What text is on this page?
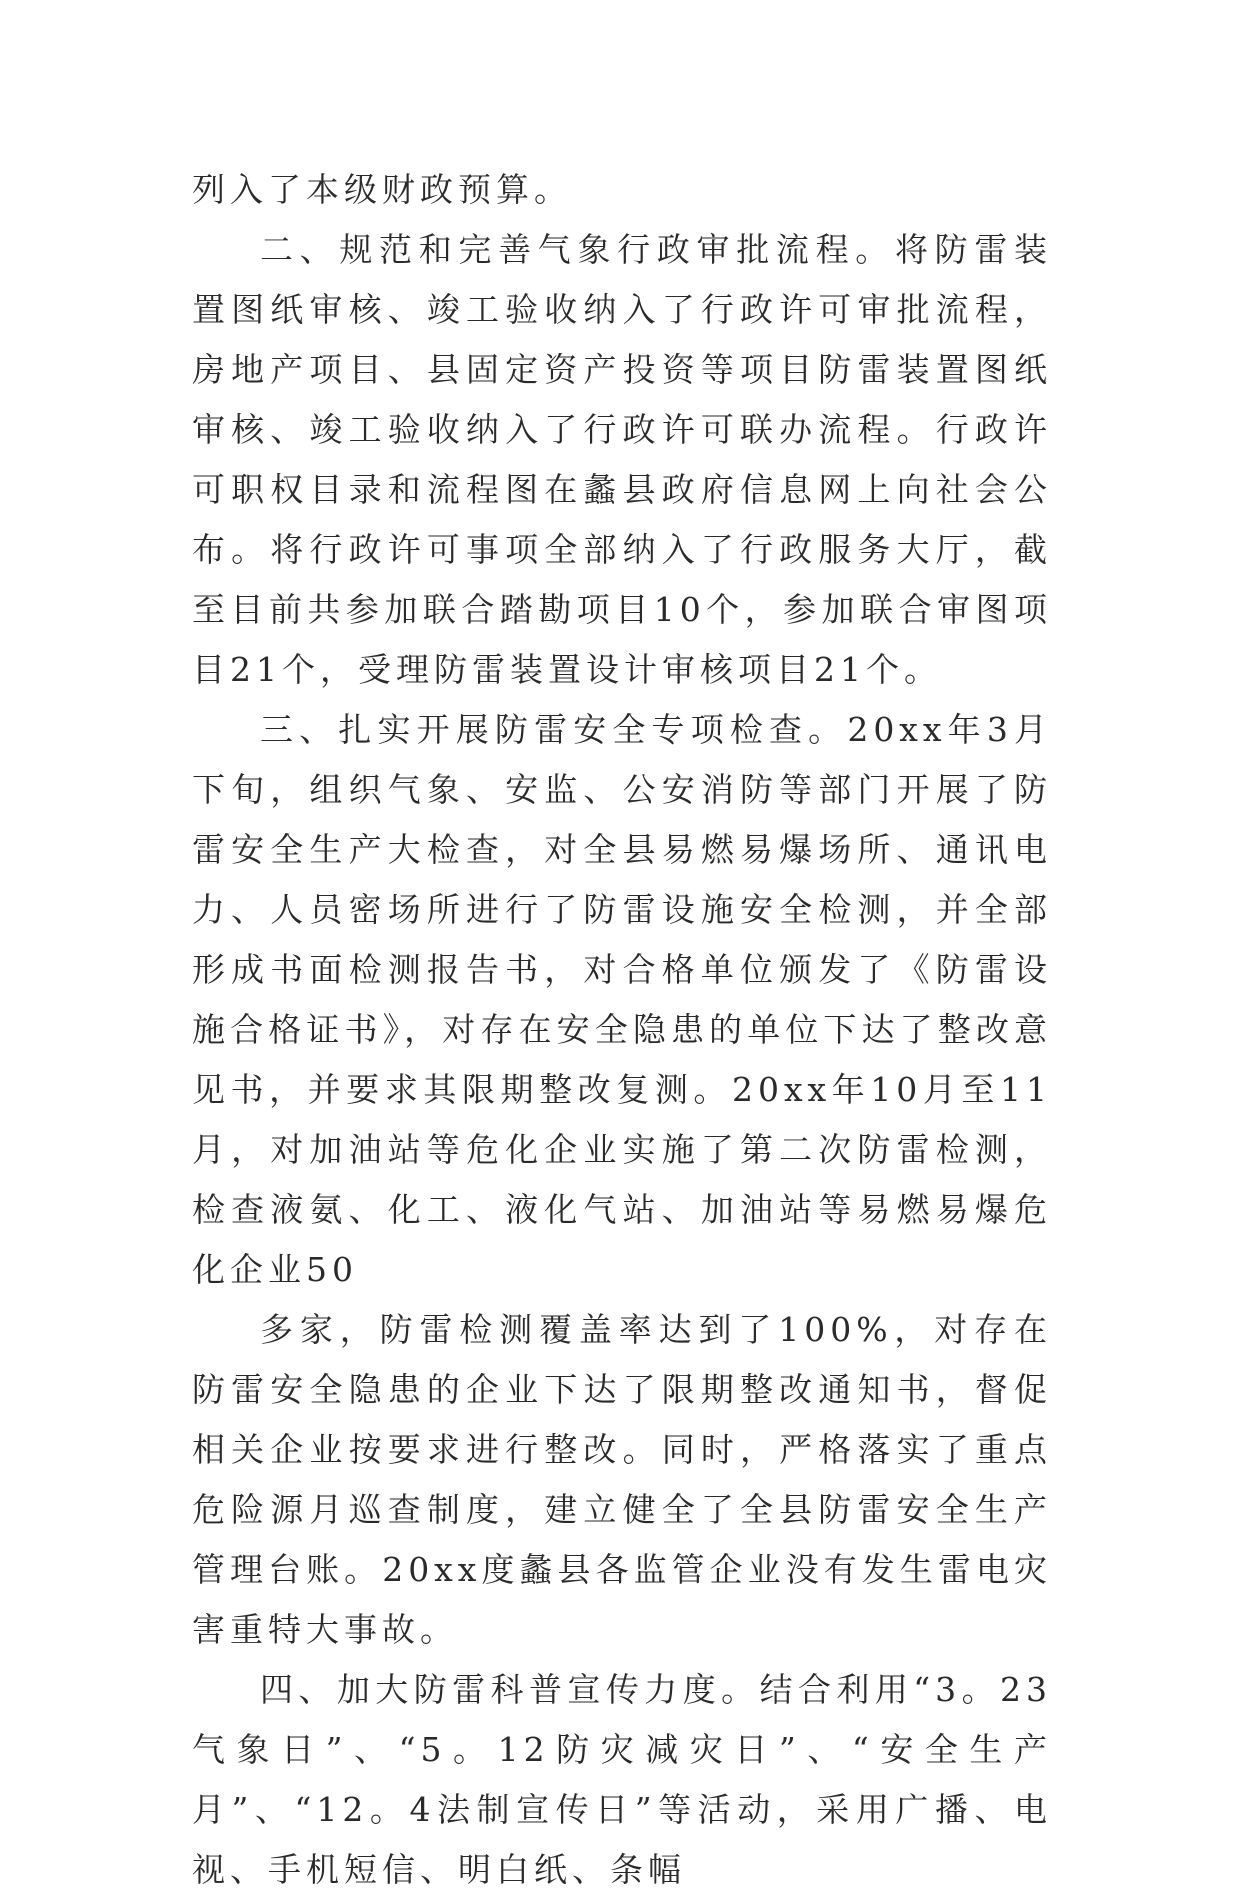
列入了本级财政预算。

二、规范和完善气象行政审批流程。将防雷装置图纸审核、竣工验收纳入了行政许可审批流程，房地产项目、县固定资产投资等项目防雷装置图纸审核、竣工验收纳入了行政许可联办流程。行政许可职权目录和流程图在蠡县政府信息网上向社会公布。将行政许可事项全部纳入了行政服务大厅，截至目前共参加联合踏勘项目10个，参加联合审图项目21个，受理防雷装置设计审核项目21个。

三、扎实开展防雷安全专项检查。20xx年3月下旬，组织气象、安监、公安消防等部门开展了防雷安全生产大检查，对全县易燃易爆场所、通讯电力、人员密场所进行了防雷设施安全检测，并全部形成书面检测报告书，对合格单位颁发了《防雷设施合格证书》，对存在安全隐患的单位下达了整改意见书，并要求其限期整改复测。20xx年10月至11月，对加油站等危化企业实施了第二次防雷检测，检查液氨、化工、液化气站、加油站等易燃易爆危化企业50

多家，防雷检测覆盖率达到了100%，对存在防雷安全隐患的企业下达了限期整改通知书，督促相关企业按要求进行整改。同时，严格落实了重点危险源月巡查制度，建立健全了全县防雷安全生产管理台账。20xx度蠡县各监管企业没有发生雷电灾害重特大事故。

四、加大防雷科普宣传力度。结合利用“3。23气象日”、“5。12防灾减灾日”、“安全生产月”、“12。4法制宣传日”等活动，采用广播、电视、手机短信、明白纸、条幅
